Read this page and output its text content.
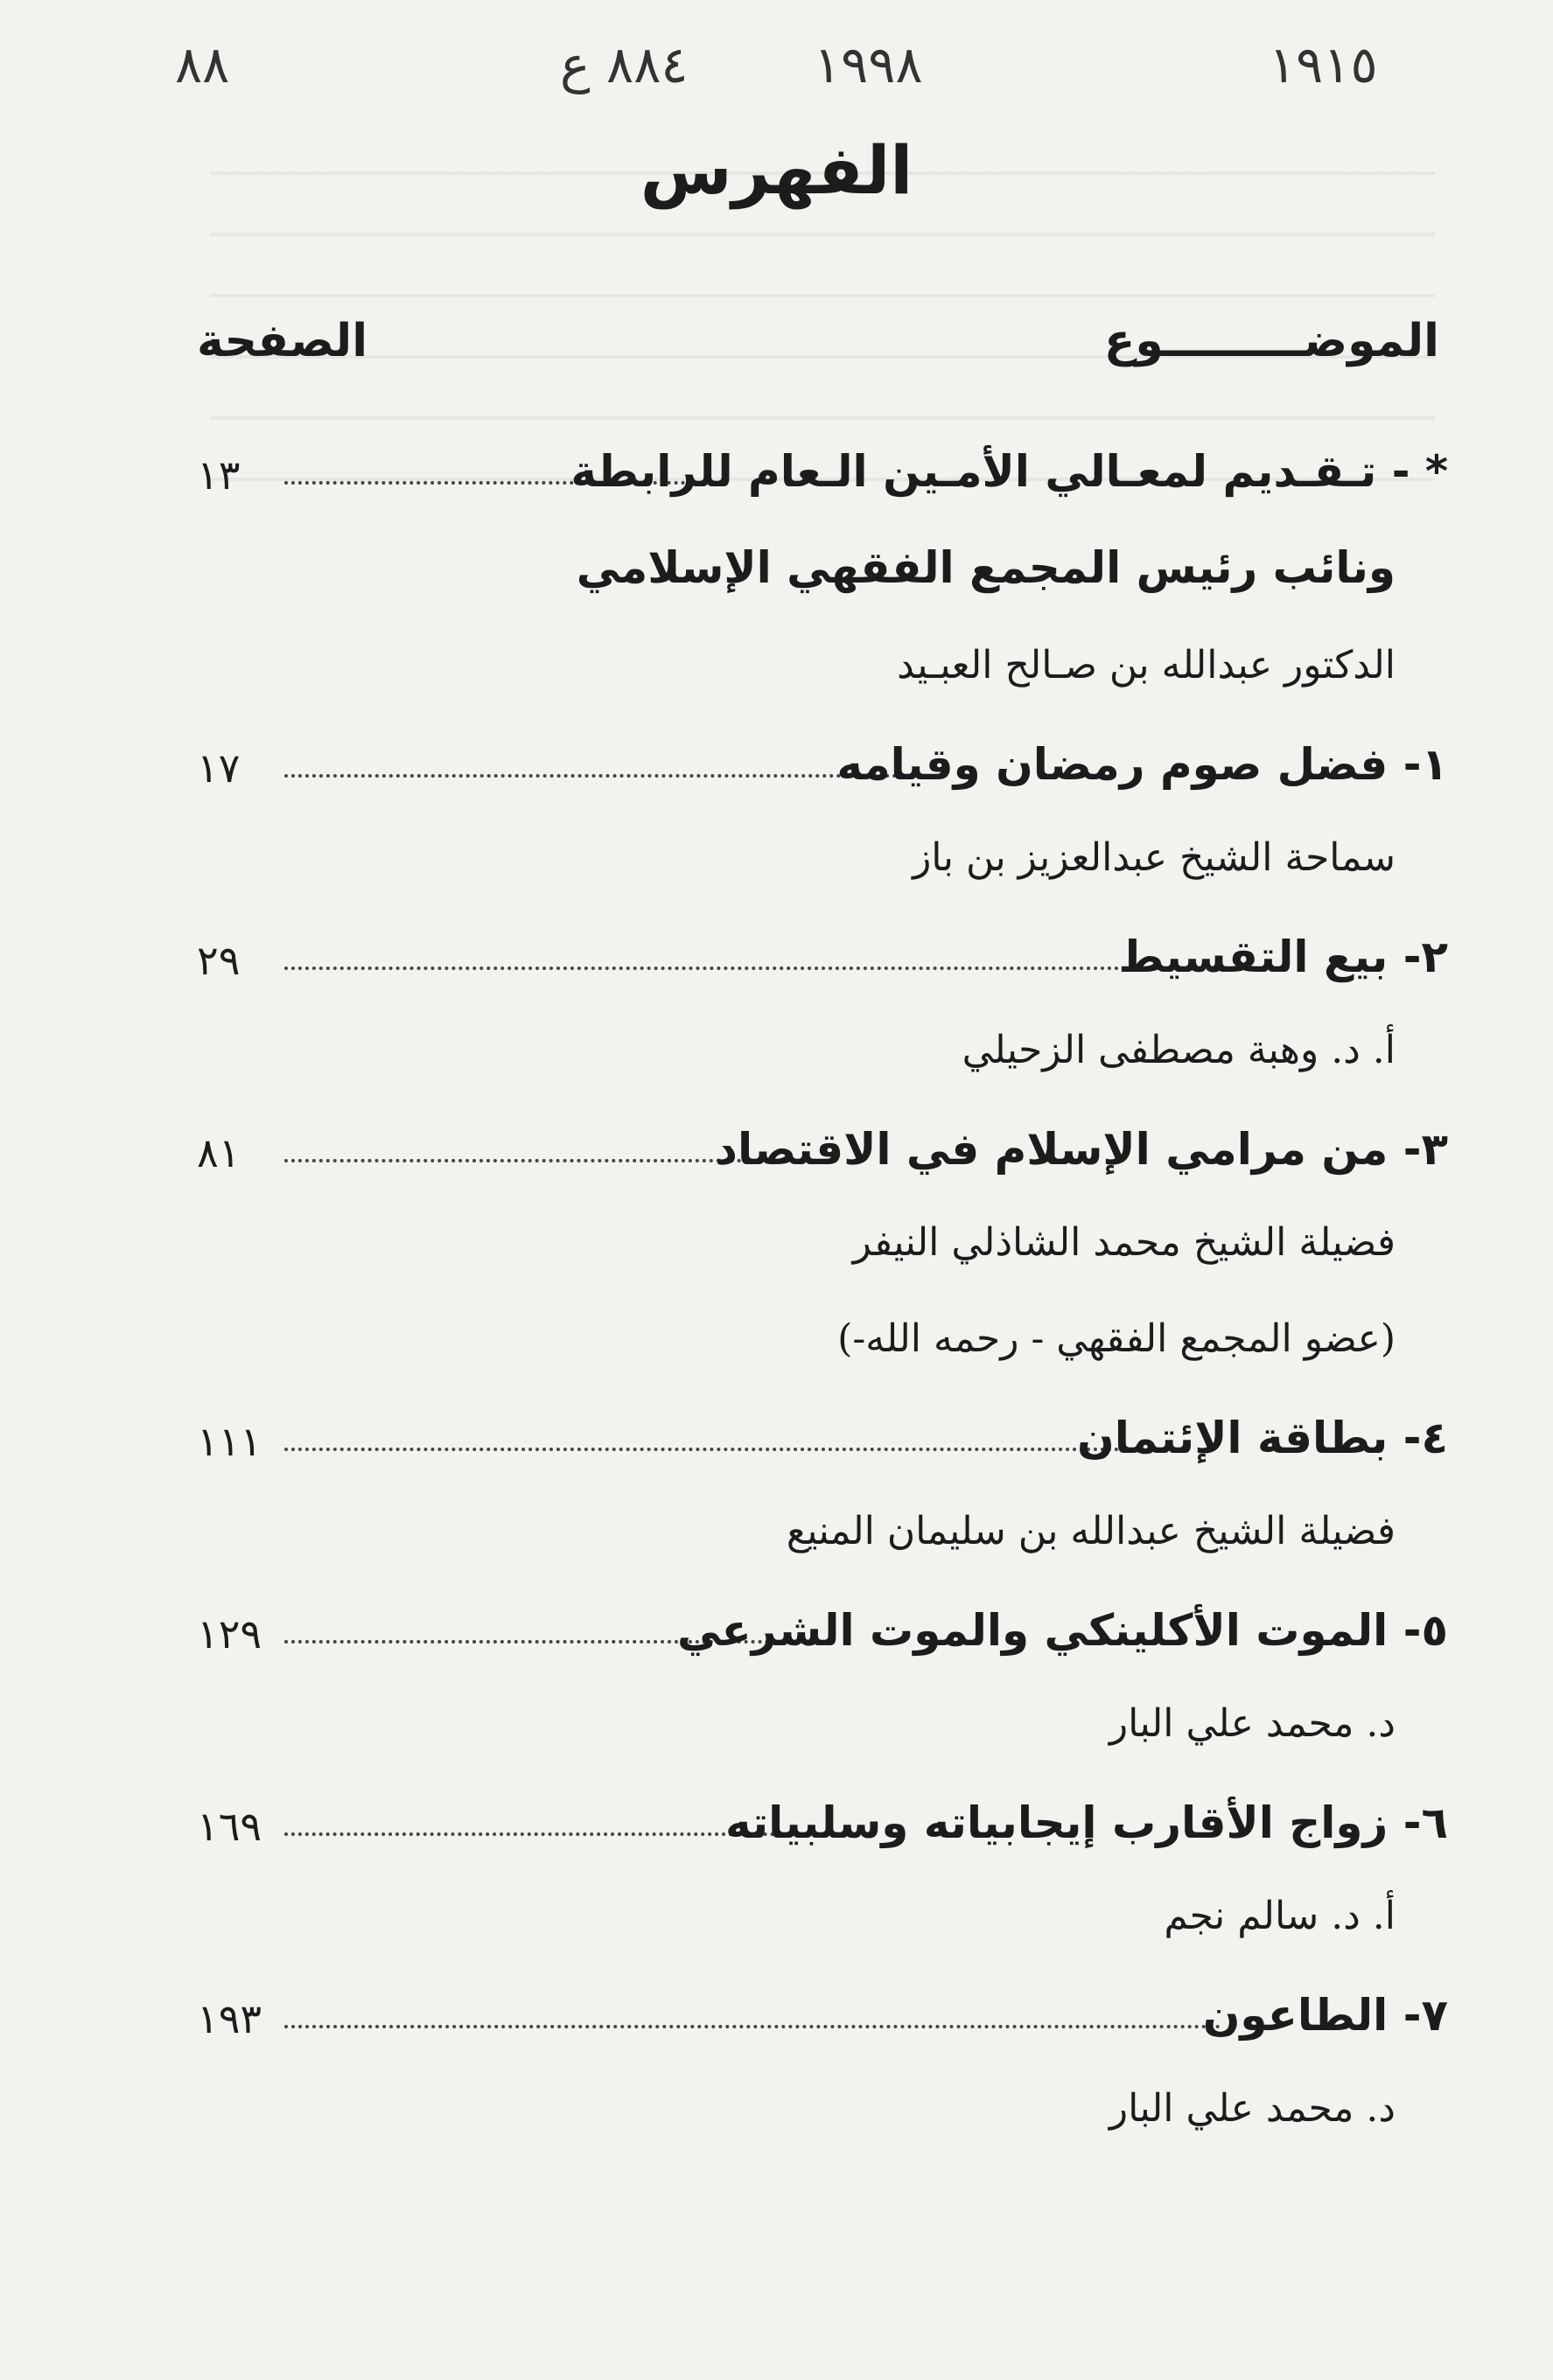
٨٨	٨٨٤ ع ١٩٩٨	١٩١٥
الفهرس
الموضـــــــــوع
الصفحة
١٣	* - تـقـديم لمعـالي الأمـين الـعام للرابطة
ونائب رئيس المجمع الفقهي الإسلامي
الدكتور عبدالله بن صـالح العبـيد
١٧	١- فضل صوم رمضان وقيامه
سماحة الشيخ عبدالعزيز بن باز
٢٩	٢- بيع التقسيط
أ. د. وهبة مصطفى الزحيلي
٨١	٣- من مرامي الإسلام في الاقتصاد
فضيلة الشيخ محمد الشاذلي النيفر
(عضو المجمع الفقهي - رحمه الله-)
١١١	٤- بطاقة الإئتمان
فضيلة الشيخ عبدالله بن سليمان المنيع
١٢٩	٥- الموت الأكلينكي والموت الشرعي
د. محمد علي البار
١٦٩	٦- زواج الأقارب إيجابياته وسلبياته
أ. د. سالم نجم
١٩٣	٧- الطاعون
د. محمد علي البار
